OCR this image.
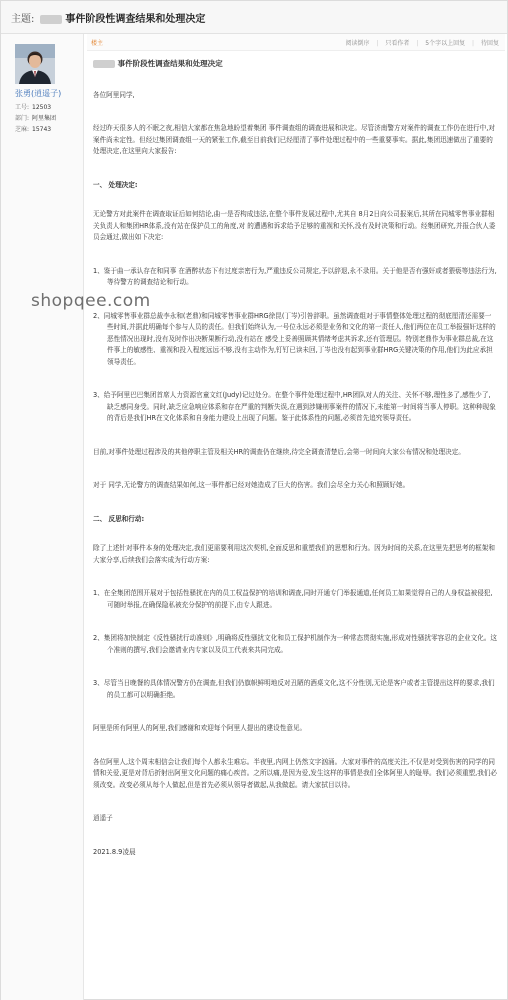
主题:	事件阶段性调查结果和处理决定
张勇(逍遥子)
工号: 12503
部门: 阿里集团
芝麻: 15743
楼主	阅读倒序 | 只看作者 | 5个字以上回复 | 待回复
事件阶段性调查结果和处理决定

各位阿里同学,

经过昨天很多人的不眠之夜,相信大家都在焦急地盼望着集团 事件调查组的调查进展和决定。尽管济南警方对案件的调查工作仍在进行中,对案件尚未定性。但经过集团调查组一天的紧张工作,截至目前我们已经厘清了事件处理过程中的一些重要事实。据此,集团迅速做出了重要的处理决定,在这里向大家报告:

一、 处理决定:

无论警方对此案件在调查取证后如何结论,曲一是否构成违法,在整个事件发展过程中,尤其自 8月2日向公司报案后,其所在同城零售事业群相关负责人和集团HR体系,没有站在保护员工的角度,对 的遭遇和诉求给予足够的重视和关怀,没有及时决策和行动。经集团研究,并报合伙人委员会通过,做出如下决定:

1、鉴于曲一承认存在和同事 在酒醉状态下有过度亲密行为,严重违反公司规定,予以辞退,永不录用。关于他是否有强奸或者猥亵等违法行为,等待警方的调查结论和行动。

2、同城零售事业群总裁李永和(老鼎)和同城零售事业群HRG徐昆(丁岑)引咎辞职。虽然调查组对于事情整体处理过程的彻底厘清还需要一些时间,并据此明确每个参与人员的责任。但我们始终认为,一号位永远必须是业务和文化的第一责任人,他们两位在员工举报强奸这样的恶性情况出现时,没有及时作出决断果断行动,没有站在 感受上妥善照顾其情绪考虑其诉求,还有管理层。特别老鼎作为事业群总裁,在这件事上的敏感性、重视和投入程度远远不够,没有主动作为,钉钉已读未回,丁岑也没有起到事业群HRG关键决策的作用,他们为此应承担领导责任。

3、给予阿里巴巴集团首席人力资源官童文红(Judy)记过处分。在整个事件处理过程中,HR团队对人的关注、关怀不够,理性多了,感性少了,缺乏感同身受。同时,缺乏应急响应体系和存在严重的判断失误,在遇到涉嫌刑事案件的情况下,未能第一时间将当事人停职。这种种现象的背后是我们HR在文化体系和自身能力建设上出现了问题。鉴于此体系性的问题,必须首先追究领导责任。

目前,对事件处理过程涉及的其他停职主管及相关HR的调查仍在继续,待完全调查清楚后,会第一时间向大家公布情况和处理决定。

对于 同学,无论警方的调查结果如何,这一事件都已经对她造成了巨大的伤害。我们会尽全力关心和照顾好她。

二、 反思和行动:

除了上述针对事件本身的处理决定,我们更需要利用这次契机,全面反思和重塑我们的思想和行为。因为时间的关系,在这里先把思考的框架和大家分享,后续我们会落实成为行动方案:

1、在全集团范围开展对于包括性骚扰在内的员工权益保护的培训和调查,同时开通专门举报通道,任何员工如果觉得自己的人身权益被侵犯,可随时举报,在确保隐私被充分保护的前提下,由专人跟进。

2、集团将加快制定《反性骚扰行动准则》,明确将反性骚扰文化和员工保护机制作为一种常态贯彻实施,形成对性骚扰零容忍的企业文化。这个准则的撰写,我们会邀请业内专家以及员工代表来共同完成。

3、尽管当日晚餐的具体情况警方仍在调查,但我们仍旗帜鲜明地反对丑陋的酒桌文化,这不分性别,无论是客户或者主管提出这样的要求,我们的员工都可以明确拒绝。

阿里是所有阿里人的阿里,我们感谢和欢迎每个阿里人提出的建设性意见。

各位阿里人,这个周末相信会让我们每个人都永生难忘。半夜里,内网上仍然文字汹涌。大家对事件的高度关注,不仅是对受到伤害的同学的同情和关爱,更是对背后折射出阿里文化问题的痛心疾首。之所以痛,是因为爱,发生这样的事情是我们全体阿里人的耻辱。我们必须重塑,我们必须改变。改变必须从每个人做起,但是首先必须从领导者做起,从我做起。请大家拭目以待。

逍遥子

2021.8.9凌晨

shopqee.com
